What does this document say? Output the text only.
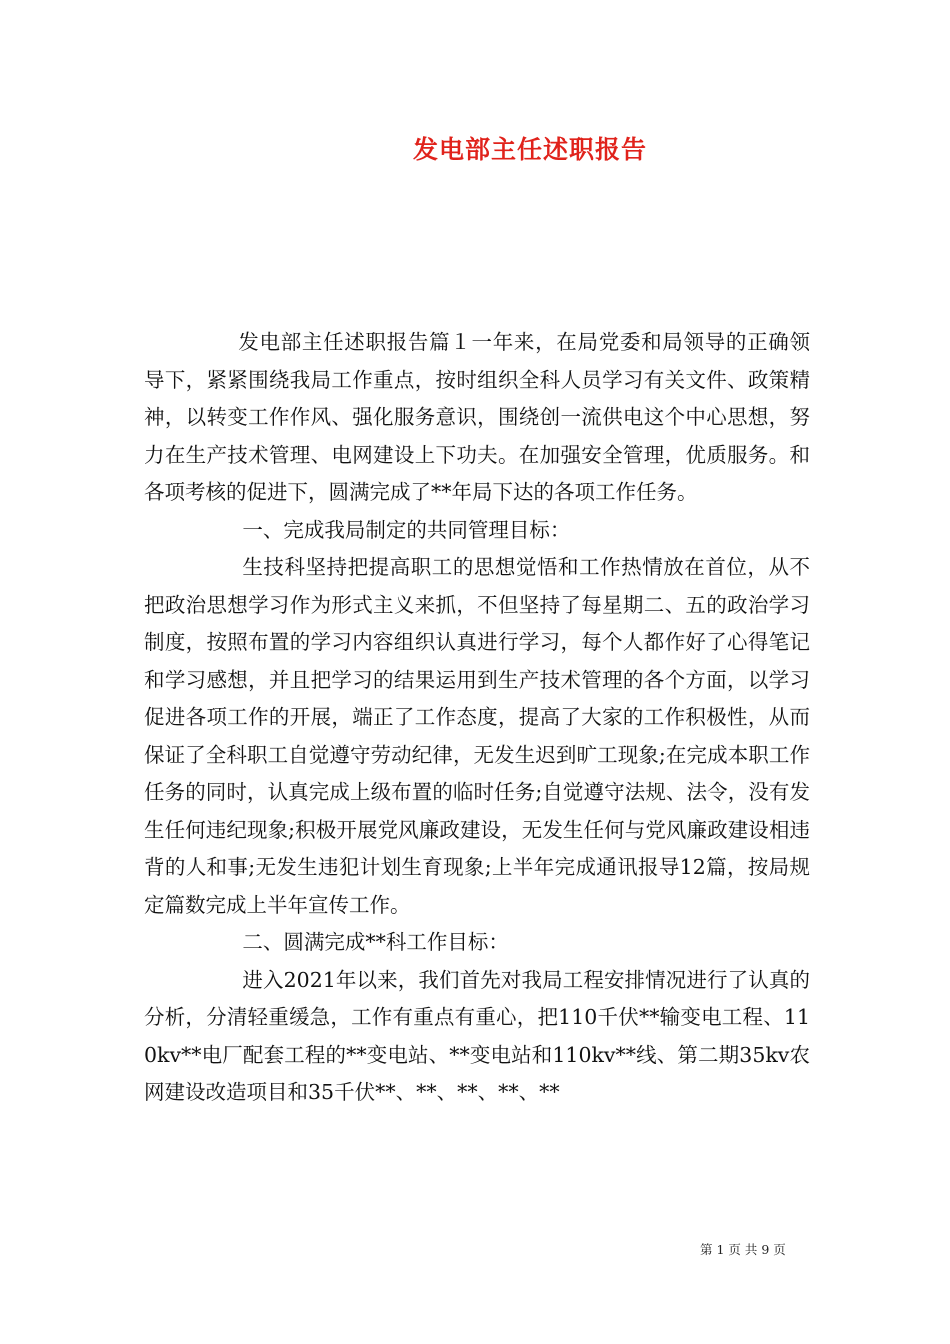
发电部主任述职报告

发电部主任述职报告篇１一年来，在局党委和局领导的正确领导下，紧紧围绕我局工作重点，按时组织全科人员学习有关文件、政策精神，以转变工作作风、强化服务意识，围绕创一流供电这个中心思想，努力在生产技术管理、电网建设上下功夫。在加强安全管理，优质服务。和各项考核的促进下，圆满完成了**年局下达的各项工作任务。

一、完成我局制定的共同管理目标：

生技科坚持把提高职工的思想觉悟和工作热情放在首位，从不把政治思想学习作为形式主义来抓，不但坚持了每星期二、五的政治学习制度，按照布置的学习内容组织认真进行学习，每个人都作好了心得笔记和学习感想，并且把学习的结果运用到生产技术管理的各个方面，以学习促进各项工作的开展，端正了工作态度，提高了大家的工作积极性，从而保证了全科职工自觉遵守劳动纪律，无发生迟到旷工现象;在完成本职工作任务的同时，认真完成上级布置的临时任务;自觉遵守法规、法令，没有发生任何违纪现象;积极开展党风廉政建设，无发生任何与党风廉政建设相违背的人和事;无发生违犯计划生育现象;上半年完成通讯报导12篇，按局规定篇数完成上半年宣传工作。

二、圆满完成**科工作目标：

进入2021年以来，我们首先对我局工程安排情况进行了认真的分析，分清轻重缓急，工作有重点有重心，把110千伏**输变电工程、110kv**电厂配套工程的**变电站、**变电站和110kv**线、第二期35kv农网建设改造项目和35千伏**、**、**、**、**

第 1 页 共 9 页
